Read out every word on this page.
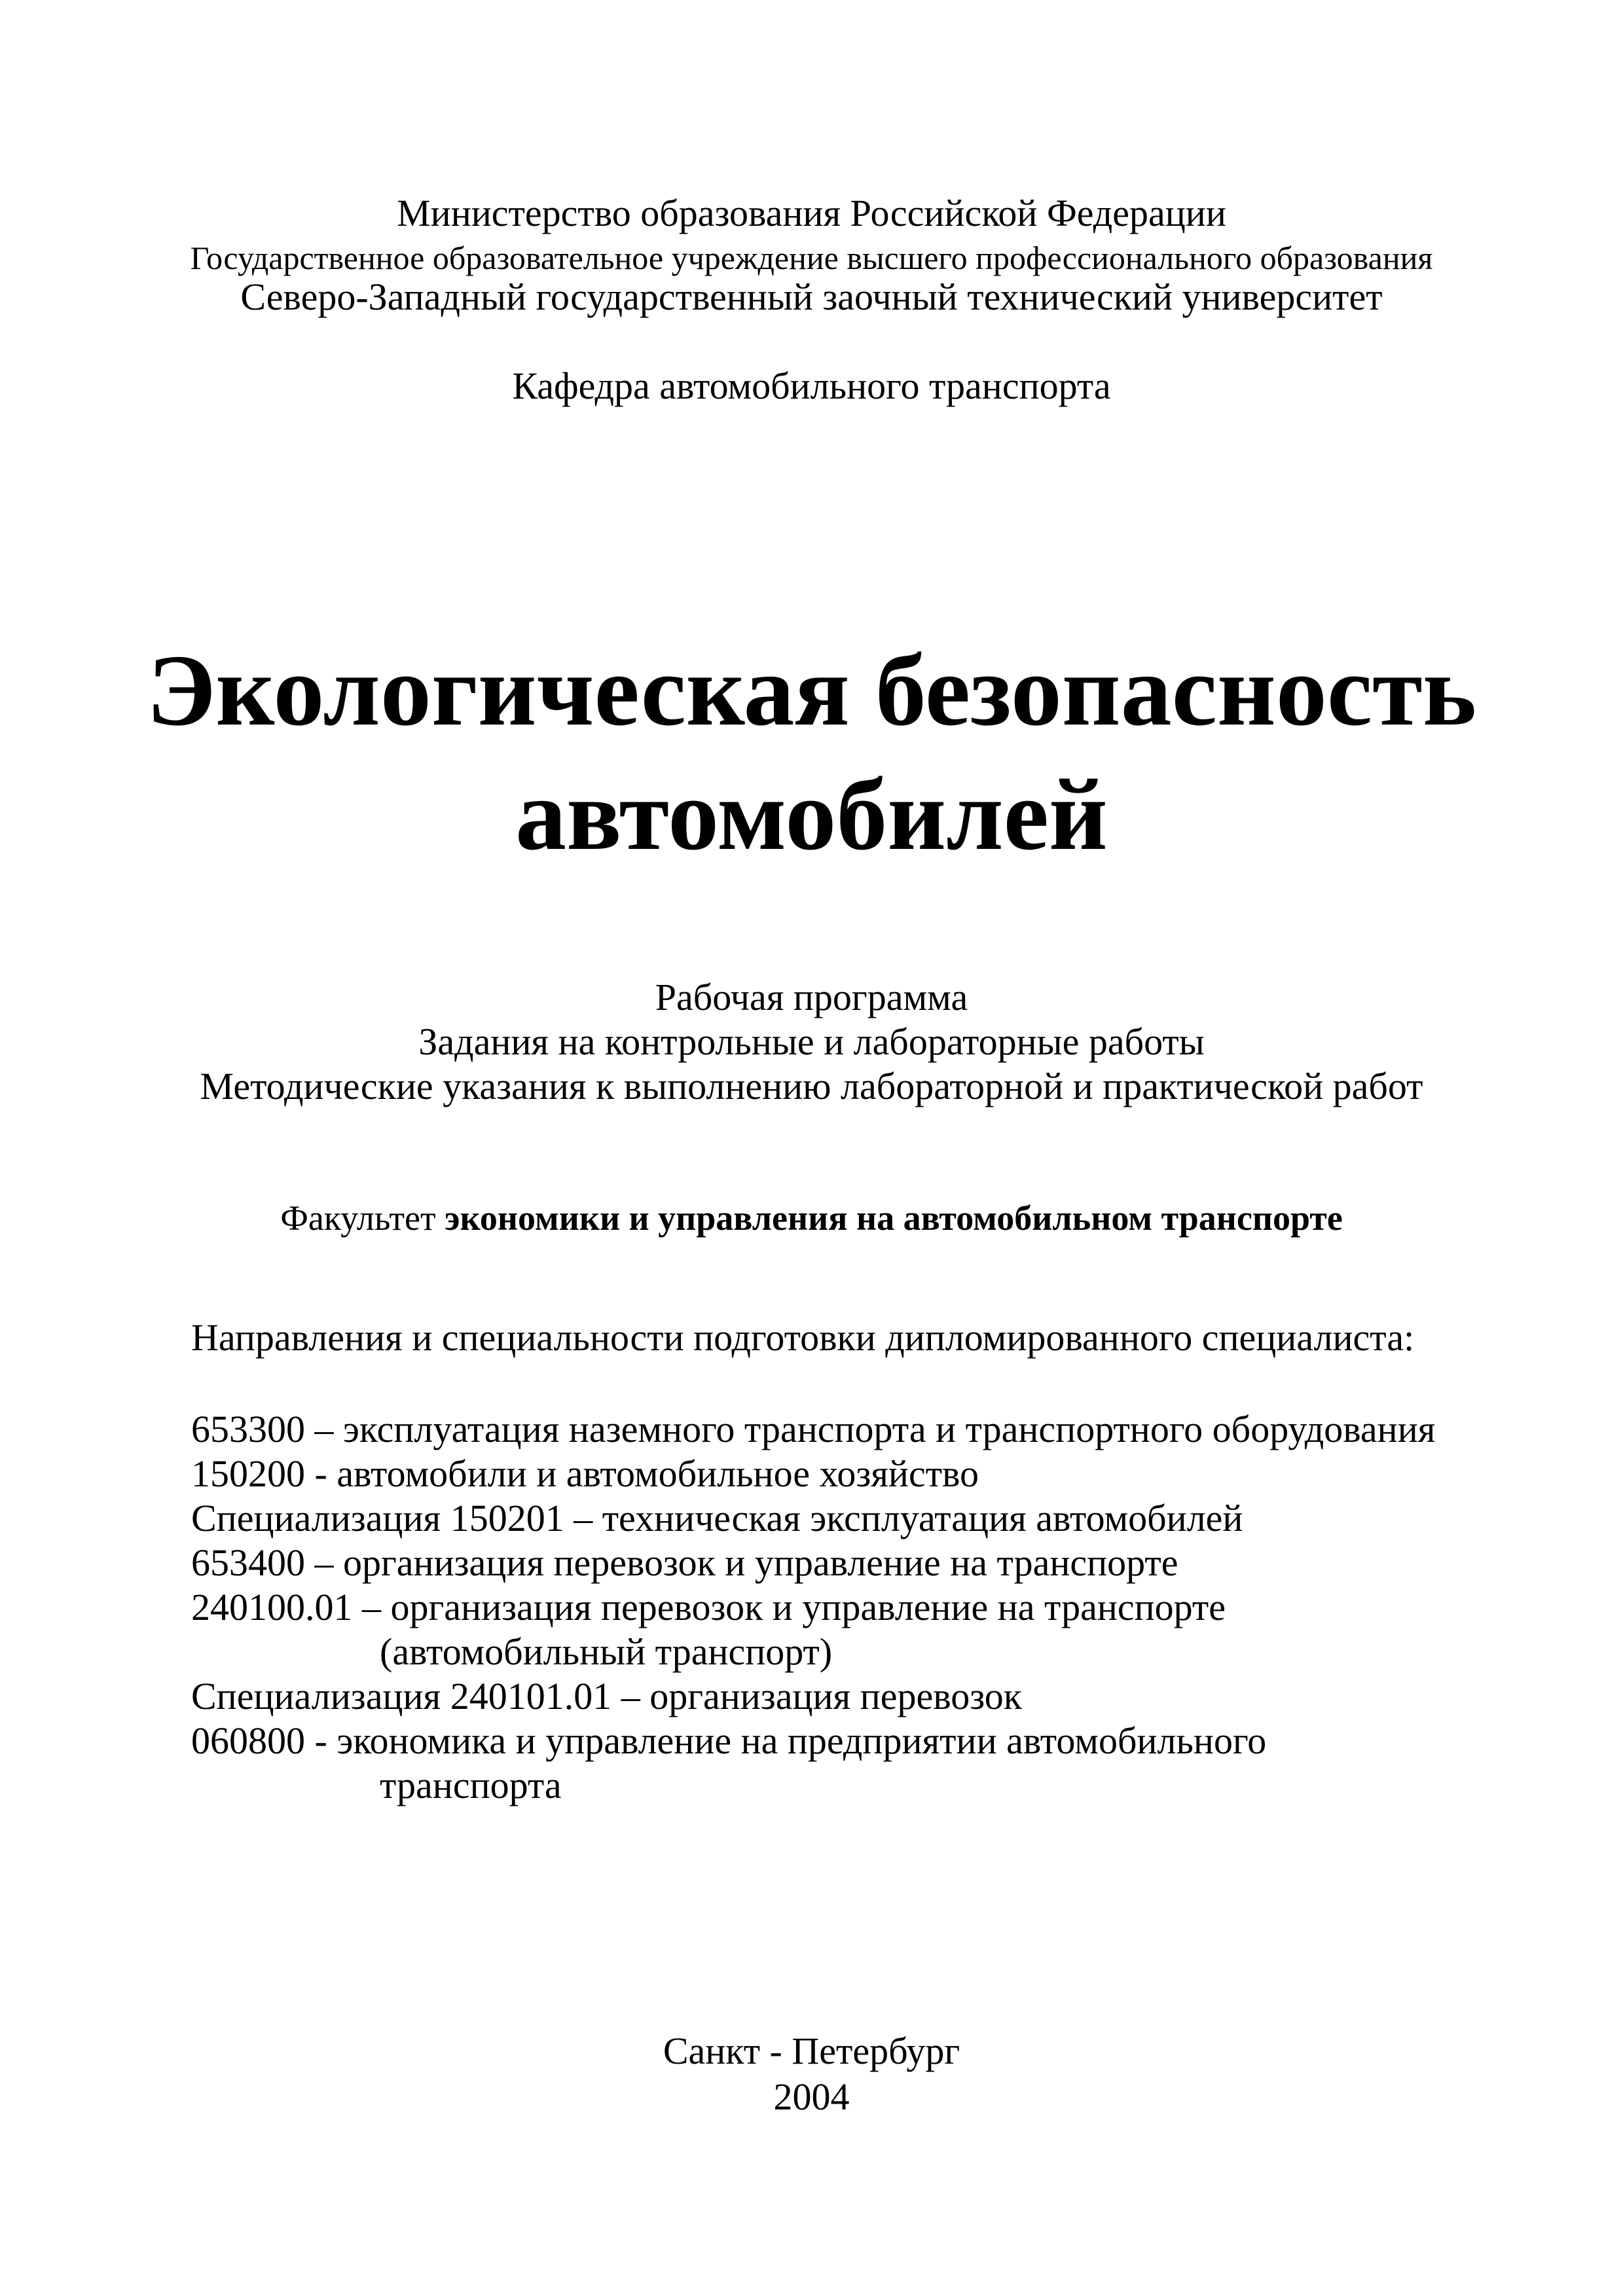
Министерство образования Российской Федерации
Государственное образовательное учреждение высшего профессионального образования
Северо-Западный государственный заочный технический университет
Кафедра автомобильного транспорта
Экологическая безопасность
автомобилей
Рабочая программа
Задания на контрольные и лабораторные работы
Методические указания к выполнению лабораторной и практической работ
Факультет экономики и управления на автомобильном транспорте
Направления и специальности подготовки дипломированного специалиста:
653300 – эксплуатация наземного транспорта и транспортного оборудования
150200 - автомобили и автомобильное хозяйство
Специализация 150201 – техническая эксплуатация автомобилей
653400 – организация перевозок и управление на транспорте
240100.01 – организация перевозок и управление на транспорте
(автомобильный транспорт)
Специализация 240101.01 – организация перевозок
060800 - экономика и управление на предприятии автомобильного
транспорта
Санкт - Петербург
2004
